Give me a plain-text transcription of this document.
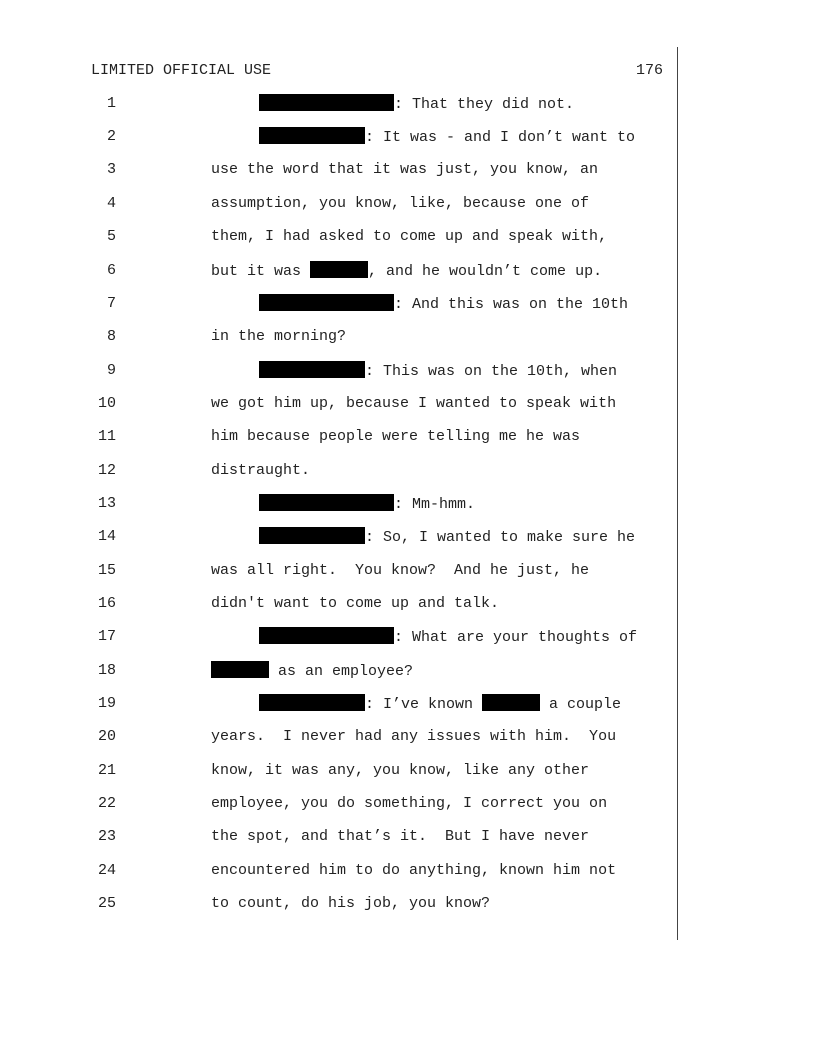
LIMITED OFFICIAL USE	176
1	: That they did not.
2	: It was - and I don’t want to
3	use the word that it was just, you know, an
4	assumption, you know, like, because one of
5	them, I had asked to come up and speak with,
6	but it was	, and he wouldn’t come up.
7	: And this was on the 10th
8	in the morning?
9	: This was on the 10th, when
10	we got him up, because I wanted to speak with
11	him because people were telling me he was
12	distraught.
13	: Mm-hmm.
14	: So, I wanted to make sure he
15	was all right.  You know?  And he just, he
16	didn't want to come up and talk.
17	: What are your thoughts of
18	as an employee?
19	: I’ve known	a couple
20	years.  I never had any issues with him.  You
21	know, it was any, you know, like any other
22	employee, you do something, I correct you on
23	the spot, and that’s it.  But I have never
24	encountered him to do anything, known him not
25	to count, do his job, you know?
